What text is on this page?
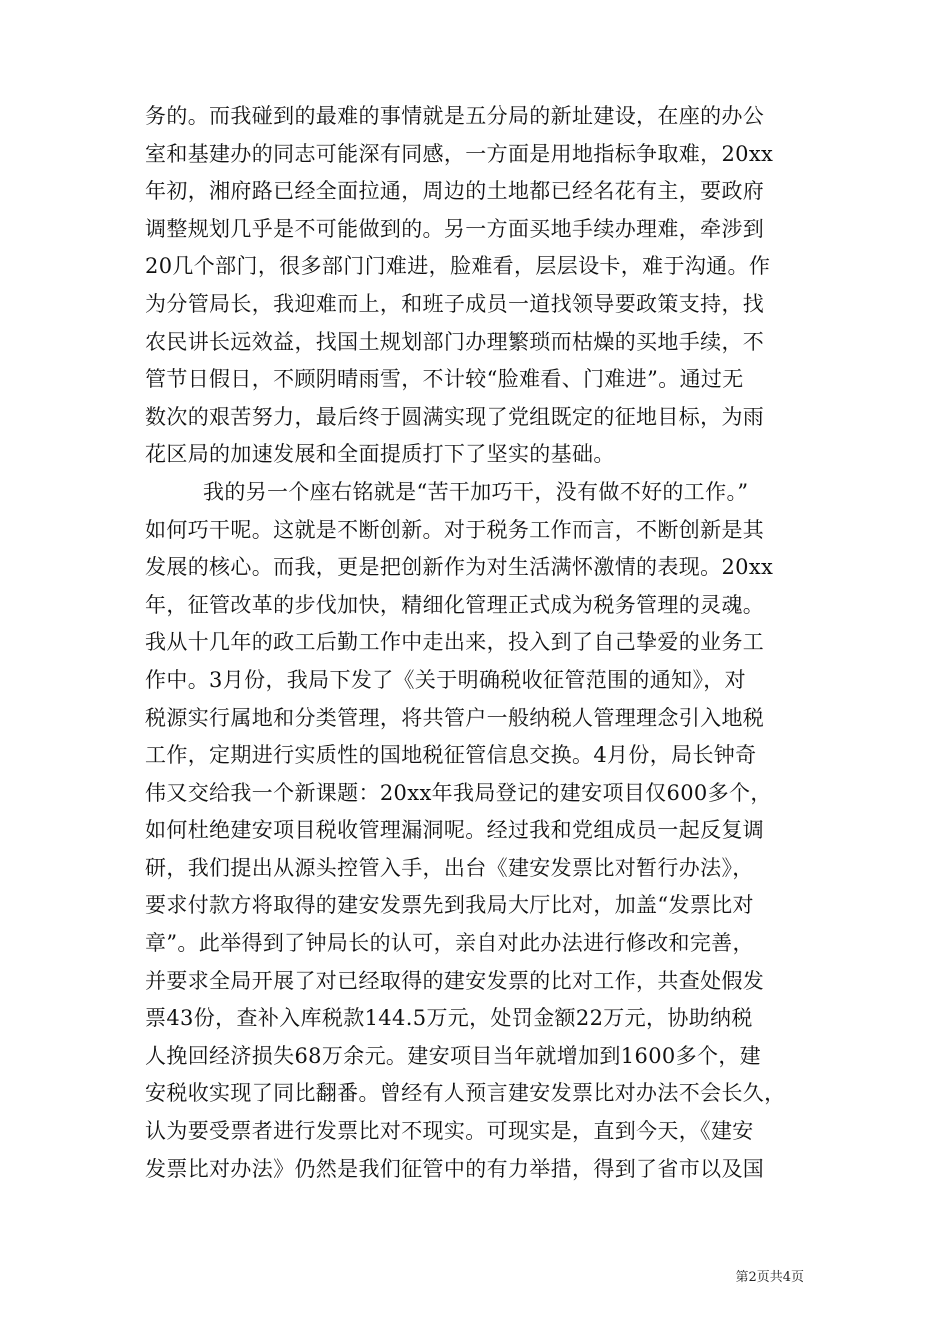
务的。而我碰到的最难的事情就是五分局的新址建设，在座的办公
室和基建办的同志可能深有同感，一方面是用地指标争取难，20xx
年初，湘府路已经全面拉通，周边的土地都已经名花有主，要政府
调整规划几乎是不可能做到的。另一方面买地手续办理难，牵涉到
20几个部门，很多部门门难进，脸难看，层层设卡，难于沟通。作
为分管局长，我迎难而上，和班子成员一道找领导要政策支持，找
农民讲长远效益，找国土规划部门办理繁琐而枯燥的买地手续，不
管节日假日，不顾阴晴雨雪，不计较“脸难看、门难进”。通过无
数次的艰苦努力，最后终于圆满实现了党组既定的征地目标，为雨
花区局的加速发展和全面提质打下了坚实的基础。
我的另一个座右铭就是“苦干加巧干，没有做不好的工作。”
如何巧干呢。这就是不断创新。对于税务工作而言，不断创新是其
发展的核心。而我，更是把创新作为对生活满怀激情的表现。20xx
年，征管改革的步伐加快，精细化管理正式成为税务管理的灵魂。
我从十几年的政工后勤工作中走出来，投入到了自己挚爱的业务工
作中。3月份，我局下发了《关于明确税收征管范围的通知》，对
税源实行属地和分类管理，将共管户一般纳税人管理理念引入地税
工作，定期进行实质性的国地税征管信息交换。4月份，局长钟奇
伟又交给我一个新课题：20xx年我局登记的建安项目仅600多个，
如何杜绝建安项目税收管理漏洞呢。经过我和党组成员一起反复调
研，我们提出从源头控管入手，出台《建安发票比对暂行办法》，
要求付款方将取得的建安发票先到我局大厅比对，加盖“发票比对
章”。此举得到了钟局长的认可，亲自对此办法进行修改和完善，
并要求全局开展了对已经取得的建安发票的比对工作，共查处假发
票43份，查补入库税款144.5万元，处罚金额22万元，协助纳税
人挽回经济损失68万余元。建安项目当年就增加到1600多个，建
安税收实现了同比翻番。曾经有人预言建安发票比对办法不会长久，
认为要受票者进行发票比对不现实。可现实是，直到今天，《建安
发票比对办法》仍然是我们征管中的有力举措，得到了省市以及国
第2页共4页
